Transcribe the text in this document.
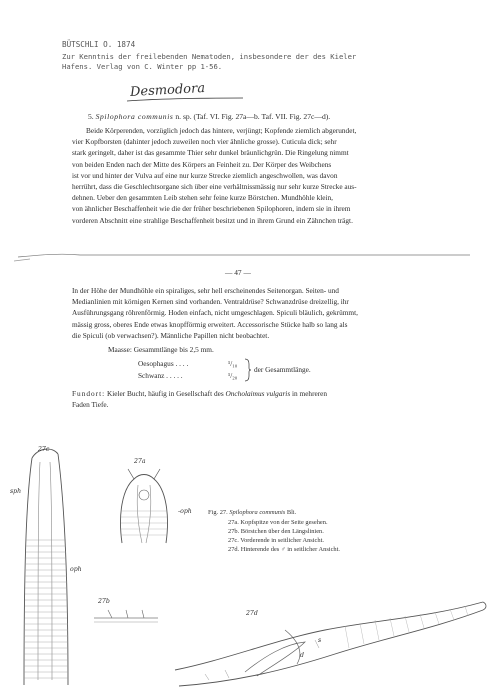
BÜTSCHLI O. 1874
Zur Kenntnis der freilebenden Nematoden, insbesondere der des Kieler
Hafens. Verlag von C. Winter pp 1-56.
Desmodora
5. Spilophora communis n. sp. (Taf. VI. Fig. 27a—b. Taf. VII. Fig. 27c—d).
Beide Körperenden, vorzüglich jedoch das hintere, verjüngt; Kopfende ziemlich abgerundet,
vier Kopfborsten (dahinter jedoch zuweilen noch vier ähnliche grosse). Cuticula dick; sehr
stark geringelt, daher ist das gesammte Thier sehr dunkel bräunlichgrün. Die Ringelung nimmt
von beiden Enden nach der Mitte des Körpers an Feinheit zu. Der Körper des Weibchens
ist vor und hinter der Vulva auf eine nur kurze Strecke ziemlich angeschwollen, was davon
herrührt, dass die Geschlechtsorgane sich über eine verhältnissmässig nur sehr kurze Strecke aus-
dehnen. Ueber den gesammten Leib stehen sehr feine kurze Börstchen. Mundhöhle klein,
von ähnlicher Beschaffenheit wie die der früher beschriebenen Spilophoren, indem sie in ihrem
vorderen Abschnitt eine strahlige Beschaffenheit besitzt und in ihrem Grund ein Zähnchen trägt.
— 47 —
In der Höhe der Mundhöhle ein spiraliges, sehr hell erscheinendes Seitenorgan. Seiten- und
Medianlinien mit körnigen Kernen sind vorhanden. Ventraldrüse? Schwanzdrüse dreizellig, ihr
Ausführungsgang röhrenförmig. Hoden einfach, nicht umgeschlagen. Spiculi bläulich, gekrümmt,
mässig gross, oberes Ende etwas knopfförmig erweitert. Accessorische Stücke halb so lang als
die Spiculi (ob verwachsen?). Männliche Papillen nicht beobachtet.
Maasse: Gesammtlänge bis 2,5 mm.
Oesophagus . . . .	¹/₁₀
Schwanz . . . . .	¹/₂₀
der Gesammtlänge.
Fundort: Kieler Bucht, häufig in Gesellschaft des Oncholaimus vulgaris in mehreren
Faden Tiefe.
27c
sph
oph
27a
-oph	Fig. 27. Spilophora communis Bli.
27a. Kopfspitze von der Seite gesehen.
27b. Börstchen über den Längslinien.
27c. Vorderende in seitlicher Ansicht.
27d. Hinterende des ♂ in seitlicher Ansicht.
27b
27d
s
d
